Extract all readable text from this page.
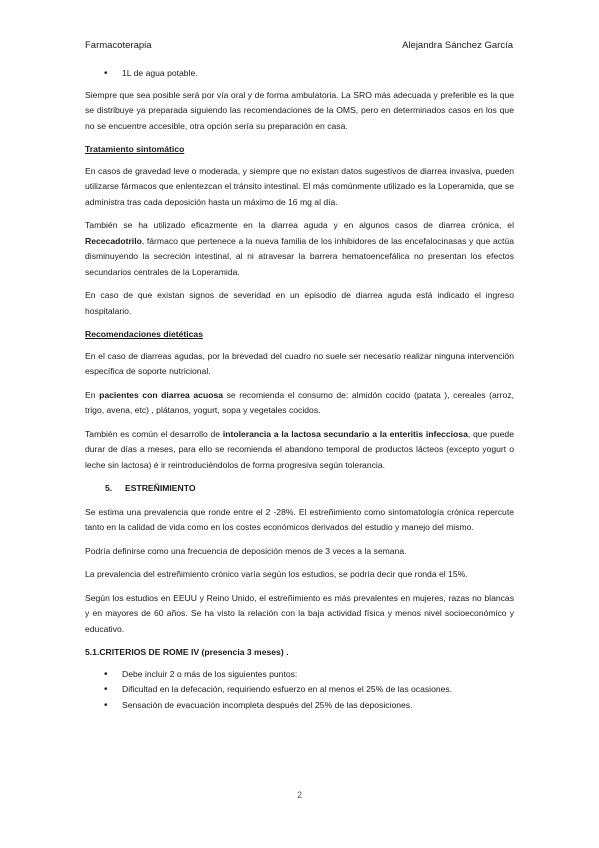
Farmacoterapia	Alejandra Sánchez García
• 1L de agua potable.

Siempre que sea posible será por vía oral y de forma ambulatoria. La SRO más adecuada y preferible es la que se distribuye ya preparada siguiendo las recomendaciones de la OMS, pero en determinados casos en los que no se encuentre accesible, otra opción sería su preparación en casa.

Tratamiento sintomático

En casos de gravedad leve o moderada, y siempre que no existan datos sugestivos de diarrea invasiva, pueden utilizarse fármacos que enlentezcan el tránsito intestinal. El más comúnmente utilizado es la Loperamida, que se administra tras cada deposición hasta un máximo de 16 mg al día.

También se ha utilizado eficazmente en la diarrea aguda y en algunos casos de diarrea crónica, el Rececadotrilo, fármaco que pertenece a la nueva familia de los inhibidores de las encefalocinasas y que actúa disminuyendo la secreción intestinal, al ni atravesar la barrera hematoencefálica no presentan los efectos secundarios centrales de la Loperamida.

En caso de que existan signos de severidad en un episodio de diarrea aguda está indicado el ingreso hospitalario.

Recomendaciones dietéticas

En el caso de diarreas agudas, por la brevedad del cuadro no suele ser necesario realizar ninguna intervención específica de soporte nutricional.

En pacientes con diarrea acuosa se recomienda el consumo de: almidón cocido (patata ), cereales (arroz, trigo, avena, etc) , plátanos, yogurt, sopa y vegetales cocidos.

También es común el desarrollo de intolerancia a la lactosa secundario a la enteritis infecciosa, que puede durar de días a meses, para ello se recomienda el abandono temporal de productos lácteos (excepto yogurt o leche sin lactosa) é ir reintroduciéndolos de forma progresiva según tolerancia.

5. ESTREÑIMIENTO

Se estima una prevalencia que ronde entre el 2 -28%. El estreñimiento como sintomatología crónica repercute tanto en la calidad de vida como en los costes económicos derivados del estudio y manejo del mismo.

Podría definirse como una frecuencia de deposición menos de 3 veces a la semana.

La prevalencia del estreñimiento crónico varía según los estudios, se podría decir que ronda el 15%.

Según los estudios en EEUU y Reino Unido, el estreñimiento es más prevalentes en mujeres, razas no blancas y en mayores de 60 años. Se ha visto la relación con la baja actividad física y menos nivel socioeconómico y educativo.

5.1.CRITERIOS DE ROME IV (presencia 3 meses) .
• Debe incluir 2 o más de los siguientes puntos:
• Dificultad en la defecación, requiriendo esfuerzo en al menos el 25% de las ocasiones.
• Sensación de evacuación incompleta después del 25% de las deposiciones.
2
